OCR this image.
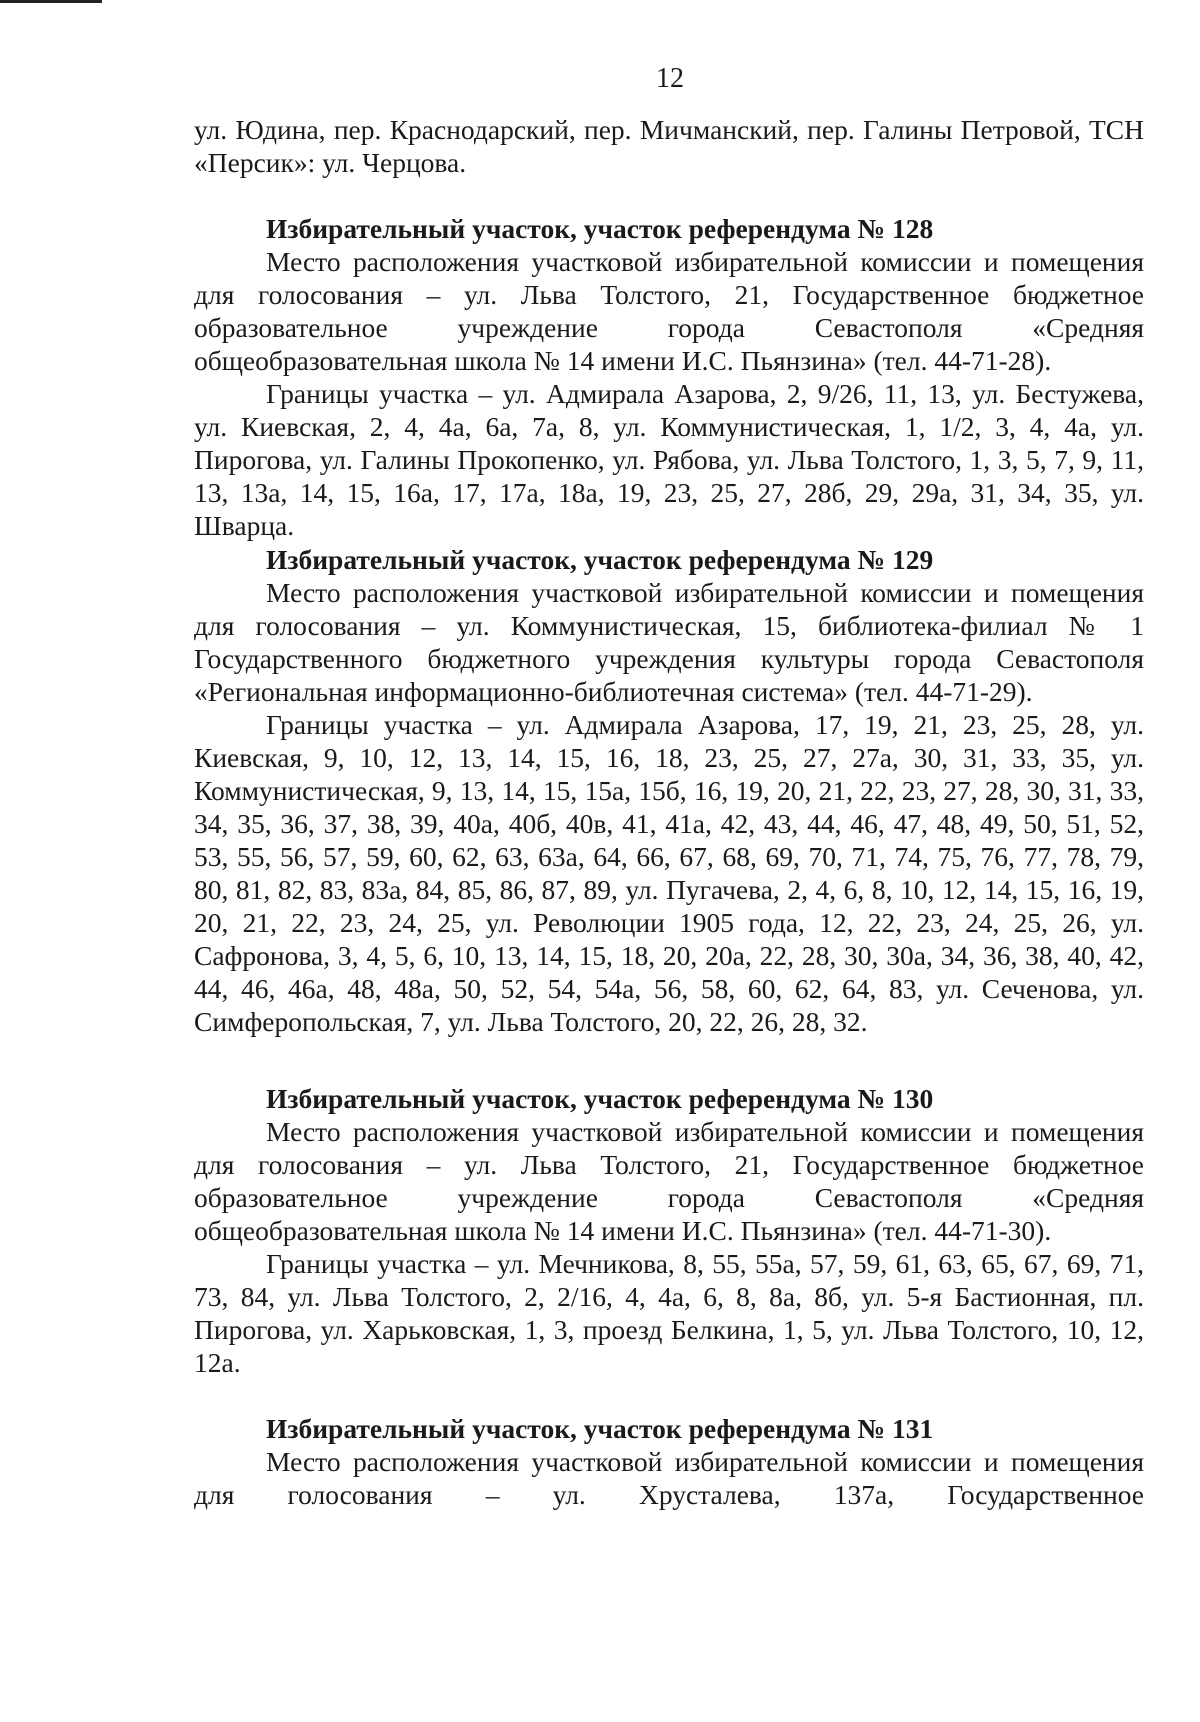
12

ул. Юдина, пер. Краснодарский, пер. Мичманский, пер. Галины Петровой, ТСН «Персик»: ул. Черцова.

Избирательный участок, участок референдума № 128

Место расположения участковой избирательной комиссии и помещения для голосования – ул. Льва Толстого, 21, Государственное бюджетное образовательное учреждение города Севастополя «Средняя общеобразовательная школа № 14 имени И.С. Пьянзина» (тел. 44-71-28).

Границы участка – ул. Адмирала Азарова, 2, 9/26, 11, 13, ул. Бестужева, ул. Киевская, 2, 4, 4а, 6а, 7а, 8, ул. Коммунистическая, 1, 1/2, 3, 4, 4а, ул. Пирогова, ул. Галины Прокопенко, ул. Рябова, ул. Льва Толстого, 1, 3, 5, 7, 9, 11, 13, 13а, 14, 15, 16а, 17, 17а, 18а, 19, 23, 25, 27, 28б, 29, 29а, 31, 34, 35, ул. Шварца.

Избирательный участок, участок референдума № 129

Место расположения участковой избирательной комиссии и помещения для голосования – ул. Коммунистическая, 15, библиотека-филиал № 1 Государственного бюджетного учреждения культуры города Севастополя «Региональная информационно-библиотечная система» (тел. 44-71-29).

Границы участка – ул. Адмирала Азарова, 17, 19, 21, 23, 25, 28, ул. Киевская, 9, 10, 12, 13, 14, 15, 16, 18, 23, 25, 27, 27а, 30, 31, 33, 35, ул. Коммунистическая, 9, 13, 14, 15, 15а, 15б, 16, 19, 20, 21, 22, 23, 27, 28, 30, 31, 33, 34, 35, 36, 37, 38, 39, 40а, 40б, 40в, 41, 41а, 42, 43, 44, 46, 47, 48, 49, 50, 51, 52, 53, 55, 56, 57, 59, 60, 62, 63, 63а, 64, 66, 67, 68, 69, 70, 71, 74, 75, 76, 77, 78, 79, 80, 81, 82, 83, 83а, 84, 85, 86, 87, 89, ул. Пугачева, 2, 4, 6, 8, 10, 12, 14, 15, 16, 19, 20, 21, 22, 23, 24, 25, ул. Революции 1905 года, 12, 22, 23, 24, 25, 26, ул. Сафронова, 3, 4, 5, 6, 10, 13, 14, 15, 18, 20, 20а, 22, 28, 30, 30а, 34, 36, 38, 40, 42, 44, 46, 46а, 48, 48а, 50, 52, 54, 54а, 56, 58, 60, 62, 64, 83, ул. Сеченова, ул. Симферопольская, 7, ул. Льва Толстого, 20, 22, 26, 28, 32.

Избирательный участок, участок референдума № 130

Место расположения участковой избирательной комиссии и помещения для голосования – ул. Льва Толстого, 21, Государственное бюджетное образовательное учреждение города Севастополя «Средняя общеобразовательная школа № 14 имени И.С. Пьянзина» (тел. 44-71-30).

Границы участка – ул. Мечникова, 8, 55, 55а, 57, 59, 61, 63, 65, 67, 69, 71, 73, 84, ул. Льва Толстого, 2, 2/16, 4, 4а, 6, 8, 8а, 8б, ул. 5-я Бастионная, пл. Пирогова, ул. Харьковская, 1, 3, проезд Белкина, 1, 5, ул. Льва Толстого, 10, 12, 12а.

Избирательный участок, участок референдума № 131

Место расположения участковой избирательной комиссии и помещения для голосования – ул. Хрусталева, 137а, Государственное
